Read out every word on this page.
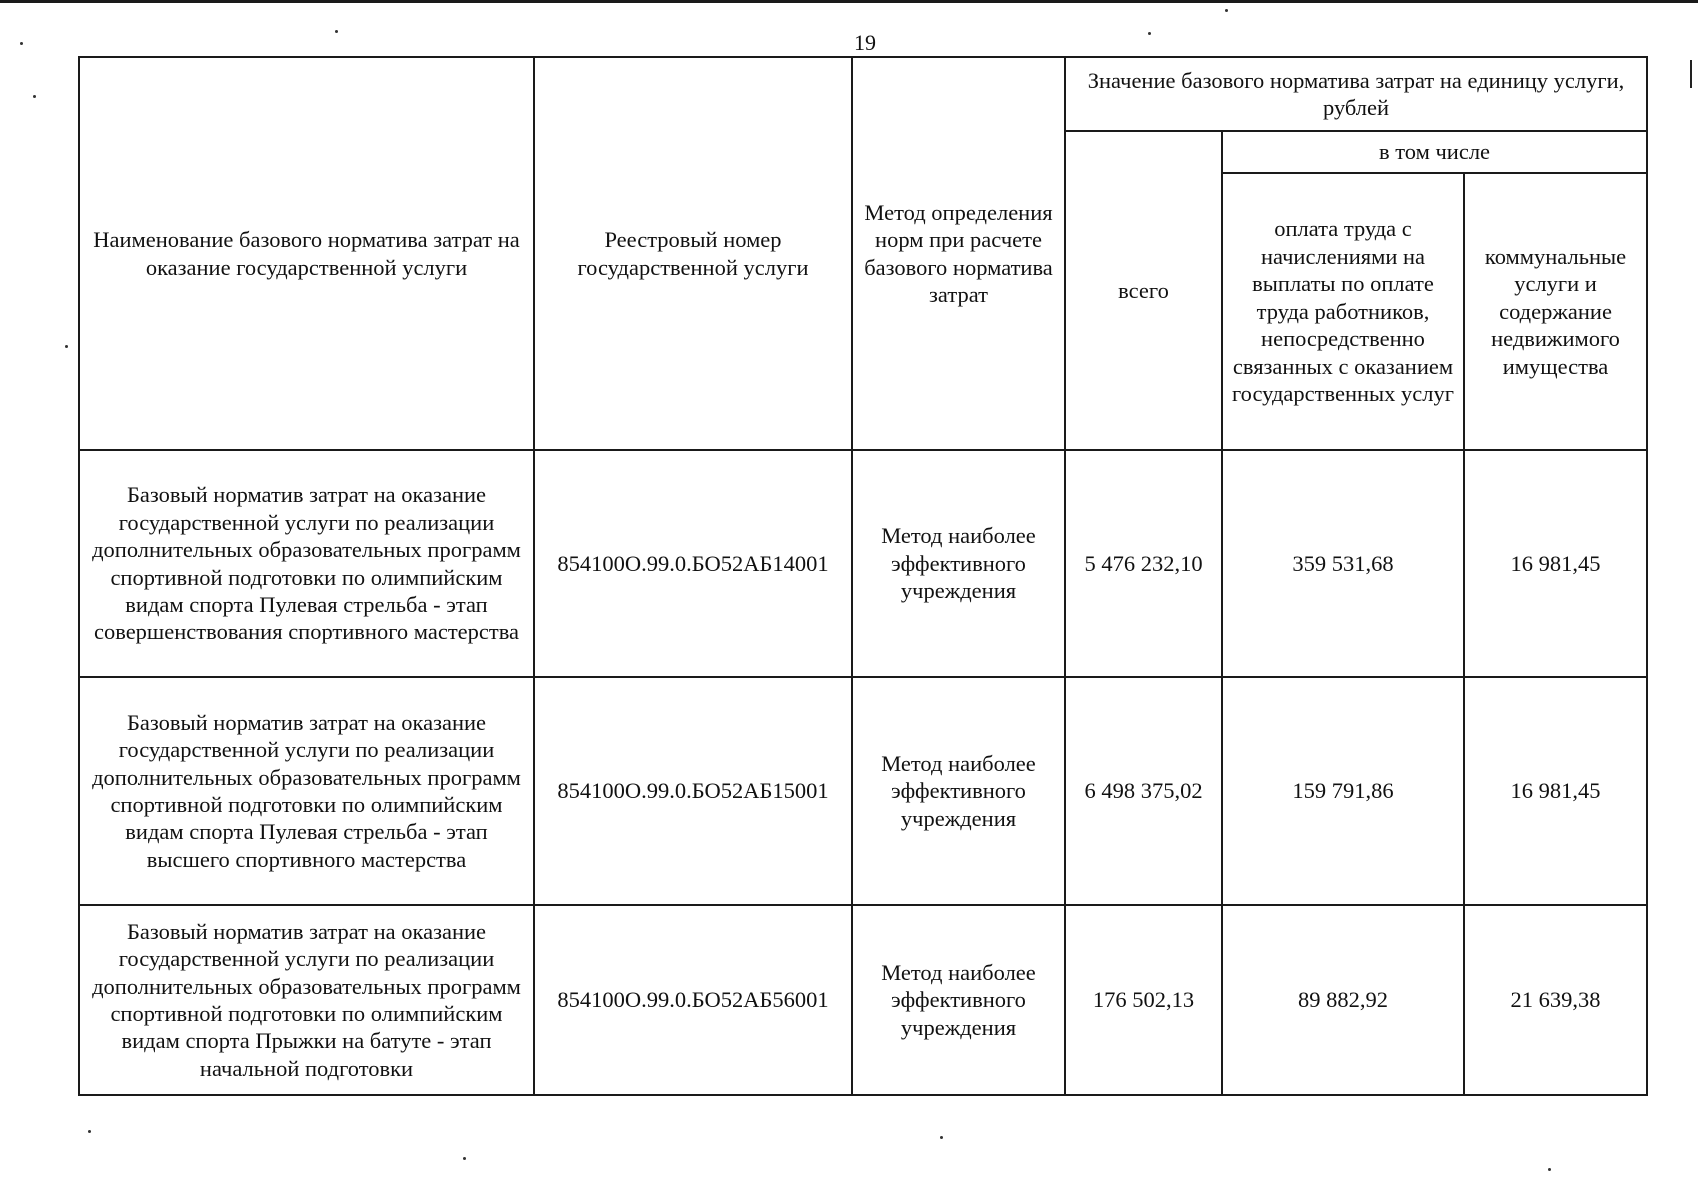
19
Наименование базового норматива затрат на оказание государственной услуги	Реестровый номер государственной услуги	Метод определения норм при расчете базового норматива затрат	Значение базового норматива затрат на единицу услуги, рублей		
			всего	в том числе	
				оплата труда с начислениями на выплаты по оплате труда работников, непосредственно связанных с оказанием государственных услуг	коммунальные услуги и содержание недвижимого имущества
Базовый норматив затрат на оказание государственной услуги по реализации дополнительных образовательных программ спортивной подготовки по олимпийским видам спорта Пулевая стрельба - этап совершенствования спортивного мастерства	854100О.99.0.БО52АБ14001	Метод наиболее эффективного учреждения	5 476 232,10	359 531,68	16 981,45
Базовый норматив затрат на оказание государственной услуги по реализации дополнительных образовательных программ спортивной подготовки по олимпийским видам спорта Пулевая стрельба - этап высшего спортивного мастерства	854100О.99.0.БО52АБ15001	Метод наиболее эффективного учреждения	6 498 375,02	159 791,86	16 981,45
Базовый норматив затрат на оказание государственной услуги по реализации дополнительных образовательных программ спортивной подготовки по олимпийским видам спорта Прыжки на батуте - этап начальной подготовки	854100О.99.0.БО52АБ56001	Метод наиболее эффективного учреждения	176 502,13	89 882,92	21 639,38
